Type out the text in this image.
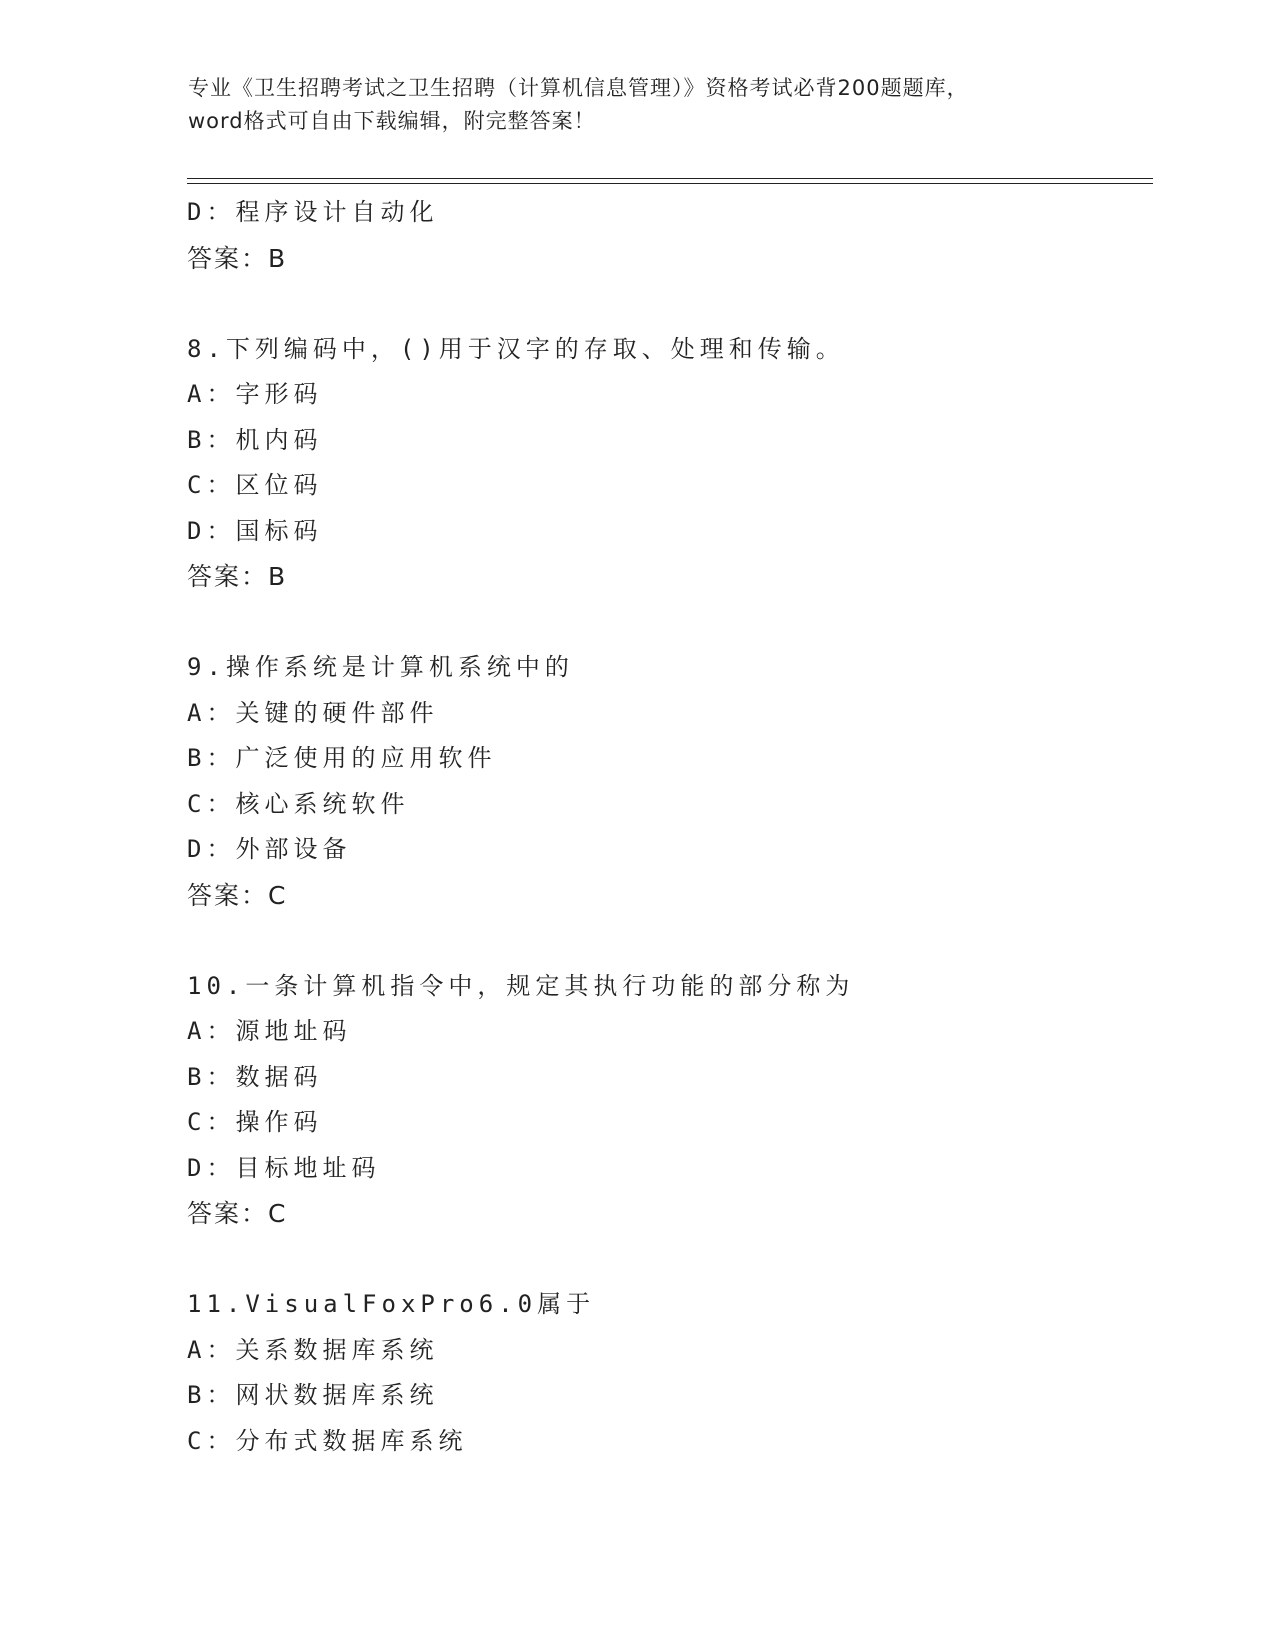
专业《卫生招聘考试之卫生招聘（计算机信息管理）》资格考试必背200题题库，
word格式可自由下载编辑，附完整答案！
D：程序设计自动化
答案：B
8.下列编码中，()用于汉字的存取、处理和传输。
A：字形码
B：机内码
C：区位码
D：国标码
答案：B
9.操作系统是计算机系统中的
A：关键的硬件部件
B：广泛使用的应用软件
C：核心系统软件
D：外部设备
答案：C
10.一条计算机指令中，规定其执行功能的部分称为
A：源地址码
B：数据码
C：操作码
D：目标地址码
答案：C
11.VisualFoxPro6.0属于
A：关系数据库系统
B：网状数据库系统
C：分布式数据库系统
